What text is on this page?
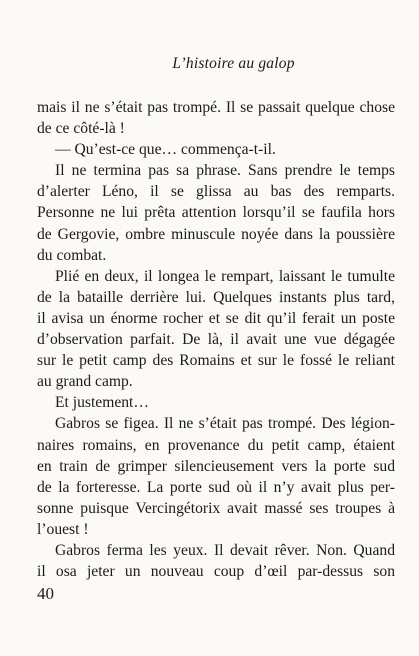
L’histoire au galop
mais il ne s’était pas trompé. Il se passait quelque chose
de ce côté-là !
— Qu’est-ce que… commença-t-il.
Il ne termina pas sa phrase. Sans prendre le temps
d’alerter Léno, il se glissa au bas des remparts.
Personne ne lui prêta attention lorsqu’il se faufila hors
de Gergovie, ombre minuscule noyée dans la poussière
du combat.
Plié en deux, il longea le rempart, laissant le tumulte
de la bataille derrière lui. Quelques instants plus tard,
il avisa un énorme rocher et se dit qu’il ferait un poste
d’observation parfait. De là, il avait une vue dégagée
sur le petit camp des Romains et sur le fossé le reliant
au grand camp.
Et justement…
Gabros se figea. Il ne s’était pas trompé. Des légion-
naires romains, en provenance du petit camp, étaient
en train de grimper silencieusement vers la porte sud
de la forteresse. La porte sud où il n’y avait plus per-
sonne puisque Vercingétorix avait massé ses troupes à
l’ouest !
Gabros ferma les yeux. Il devait rêver. Non. Quand
il osa jeter un nouveau coup d’œil par-dessus son
40
